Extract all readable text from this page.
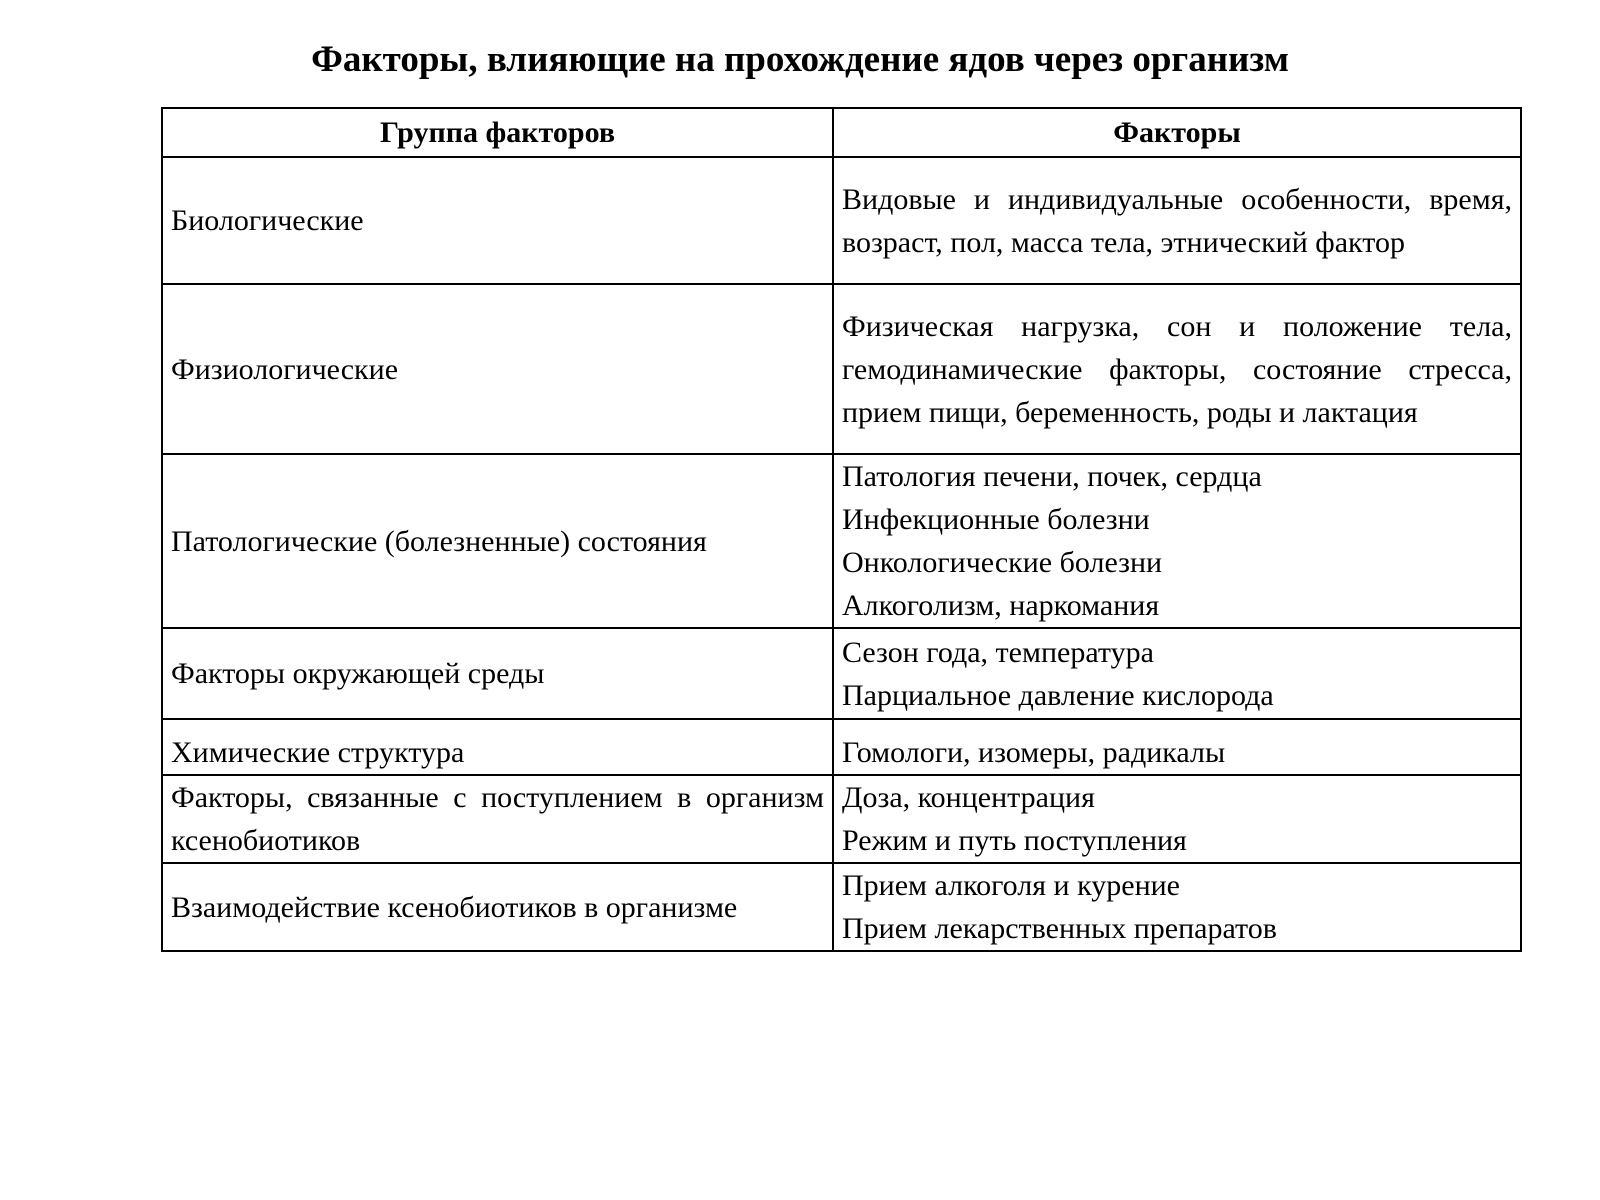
Факторы, влияющие на прохождение ядов через организм
Группа факторов	Факторы
Биологические	Видовые и индивидуальные особенности, время, возраст, пол, масса тела, этнический фактор
Физиологические	Физическая нагрузка, сон и положение тела, гемодинамические факторы, состояние стресса, прием пищи, беременность, роды и лактация
Патологические (болезненные) состояния	Патология печени, почек, сердца
Инфекционные болезни
Онкологические болезни
Алкоголизм, наркомания

Факторы окружающей среды	Сезон года, температура
Парциальное давление кислорода

Химические структура	Гомологи, изомеры, радикалы
Факторы, связанные с поступлением в организм ксенобиотиков	Доза, концентрация
Режим и путь поступления

Взаимодействие ксенобиотиков в организме	Прием алкоголя и курение
Прием лекарственных препаратов
